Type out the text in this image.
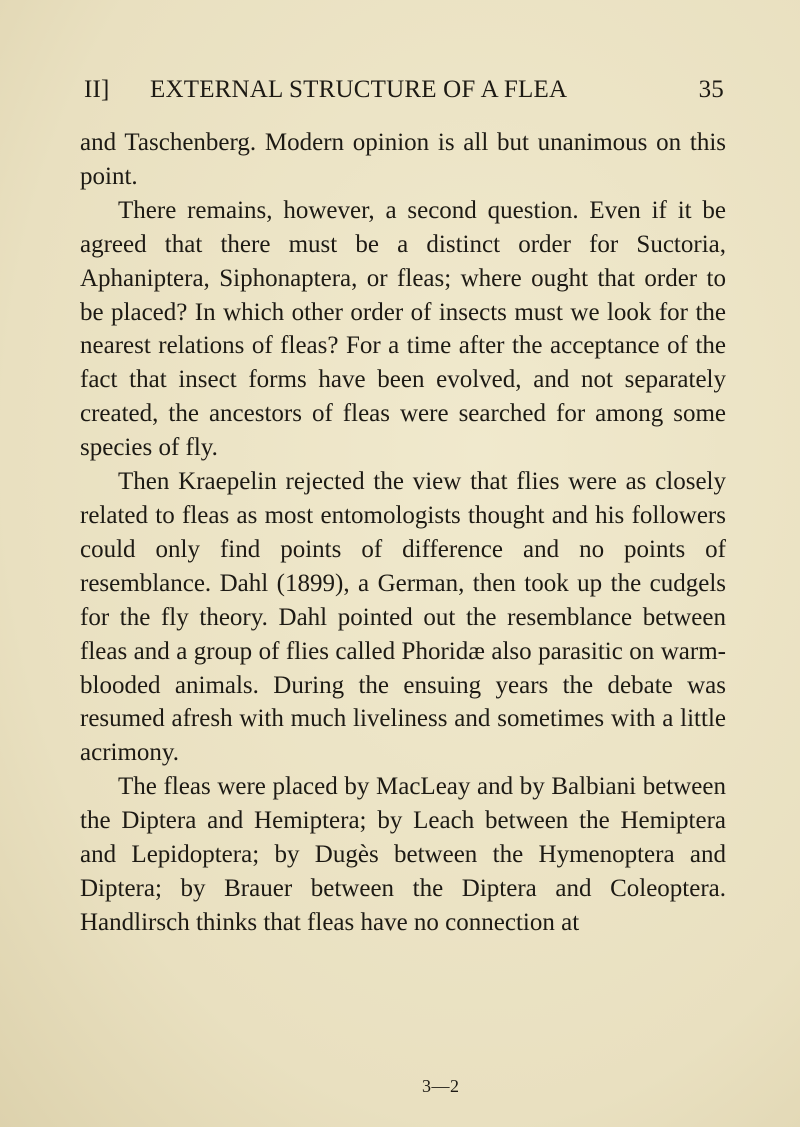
II] EXTERNAL STRUCTURE OF A FLEA	35

and Taschenberg. Modern opinion is all but unanimous on this point.

There remains, however, a second question. Even if it be agreed that there must be a distinct order for Suctoria, Aphaniptera, Siphonaptera, or fleas; where ought that order to be placed? In which other order of insects must we look for the nearest relations of fleas? For a time after the acceptance of the fact that insect forms have been evolved, and not separately created, the ancestors of fleas were searched for among some species of fly.

Then Kraepelin rejected the view that flies were as closely related to fleas as most entomologists thought and his followers could only find points of difference and no points of resemblance. Dahl (1899), a German, then took up the cudgels for the fly theory. Dahl pointed out the resemblance between fleas and a group of flies called Phoridæ also parasitic on warm-blooded animals. During the ensuing years the debate was resumed afresh with much liveliness and sometimes with a little acrimony.

The fleas were placed by MacLeay and by Balbiani between the Diptera and Hemiptera; by Leach between the Hemiptera and Lepidoptera; by Dugès between the Hymenoptera and Diptera; by Brauer between the Diptera and Coleoptera. Handlirsch thinks that fleas have no connection at

3—2
